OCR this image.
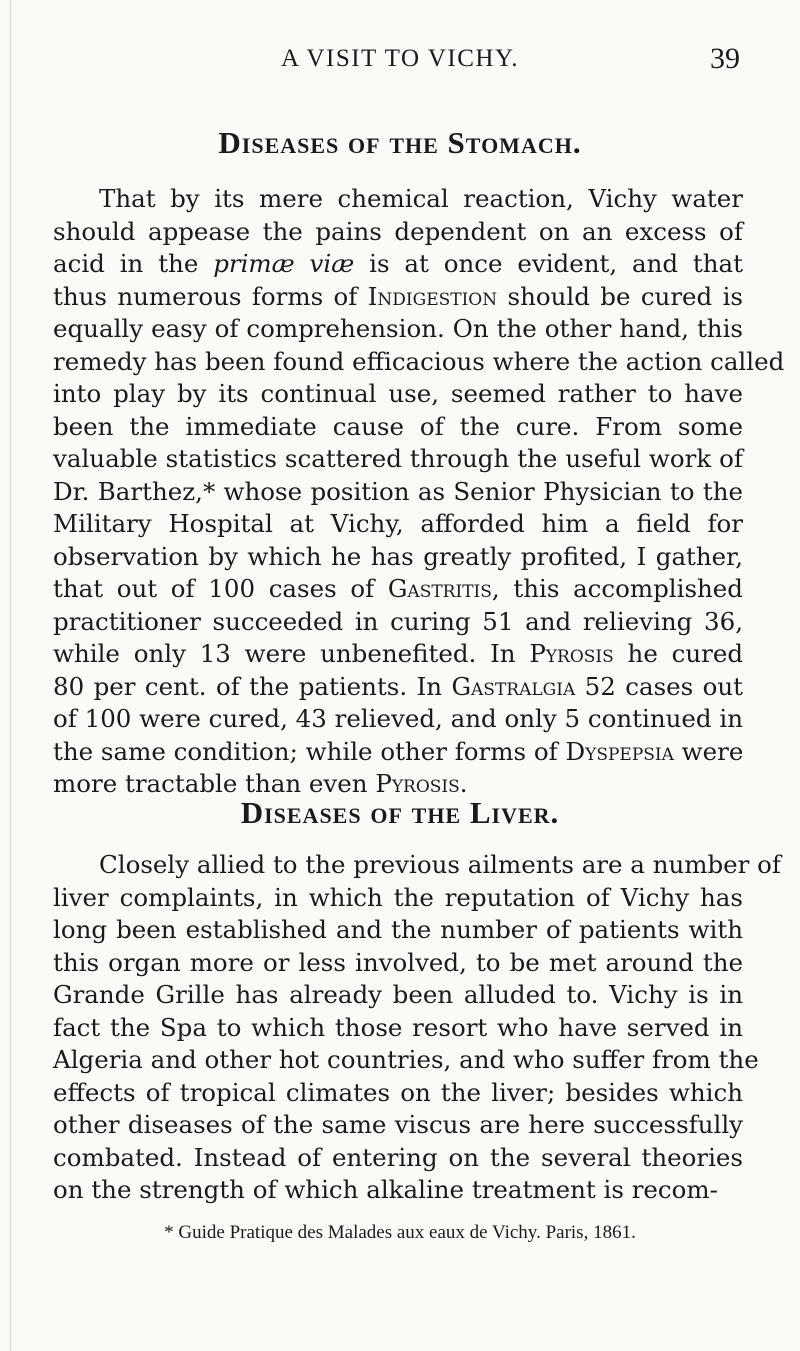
A VISIT TO VICHY.	39
Diseases of the Stomach.
That by its mere chemical reaction, Vichy water
should appease the pains dependent on an excess of
acid in the primæ viæ is at once evident, and that
thus numerous forms of Indigestion should be cured is
equally easy of comprehension. On the other hand, this
remedy has been found efficacious where the action called
into play by its continual use, seemed rather to have
been the immediate cause of the cure. From some
valuable statistics scattered through the useful work of
Dr. Barthez,* whose position as Senior Physician to the
Military Hospital at Vichy, afforded him a field for
observation by which he has greatly profited, I gather,
that out of 100 cases of Gastritis, this accomplished
practitioner succeeded in curing 51 and relieving 36,
while only 13 were unbenefited. In Pyrosis he cured
80 per cent. of the patients. In Gastralgia 52 cases out
of 100 were cured, 43 relieved, and only 5 continued in
the same condition; while other forms of Dyspepsia were
more tractable than even Pyrosis.
Diseases of the Liver.
Closely allied to the previous ailments are a number of
liver complaints, in which the reputation of Vichy has
long been established and the number of patients with
this organ more or less involved, to be met around the
Grande Grille has already been alluded to. Vichy is in
fact the Spa to which those resort who have served in
Algeria and other hot countries, and who suffer from the
effects of tropical climates on the liver; besides which
other diseases of the same viscus are here successfully
combated. Instead of entering on the several theories
on the strength of which alkaline treatment is recom-
* Guide Pratique des Malades aux eaux de Vichy. Paris, 1861.
